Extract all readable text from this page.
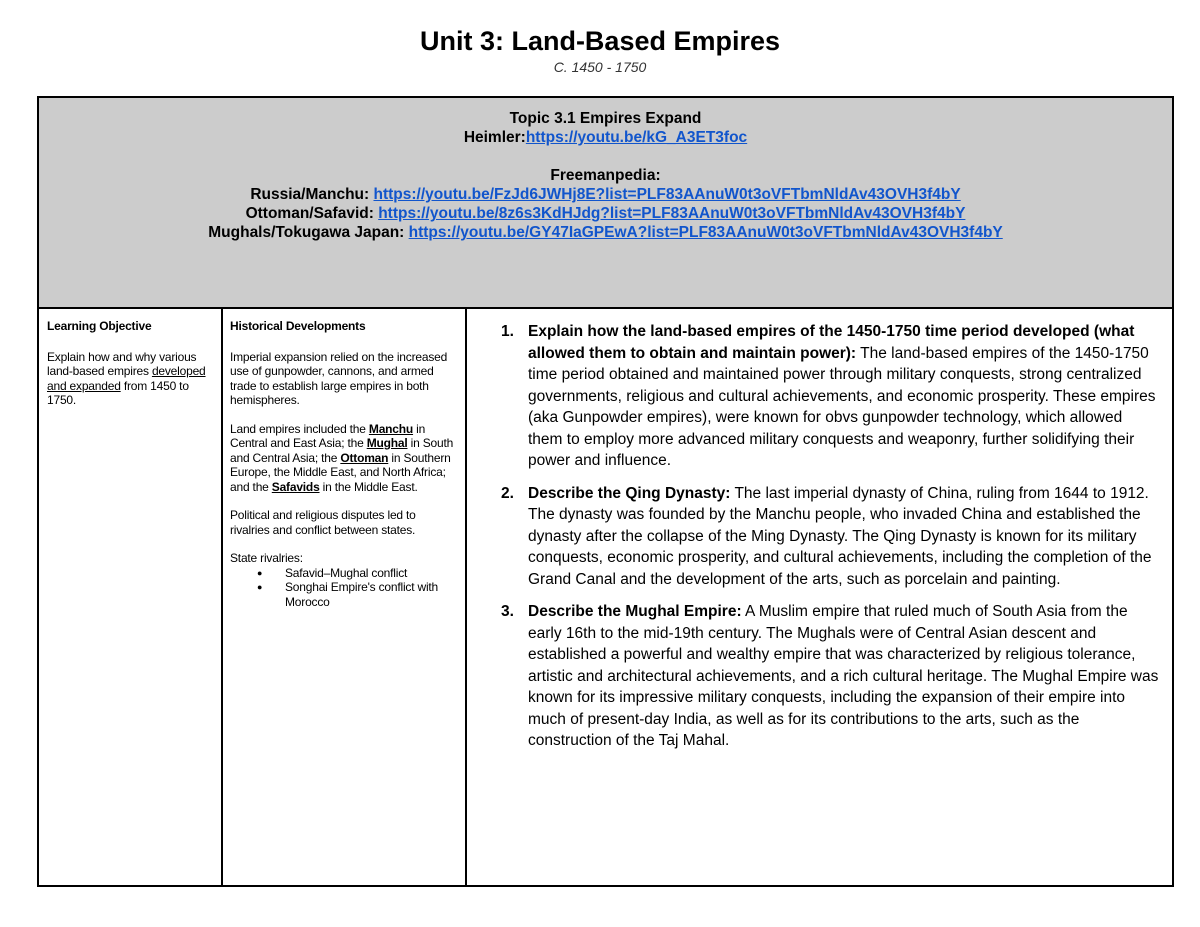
Unit 3: Land-Based Empires
C. 1450 - 1750
Topic 3.1 Empires Expand
Heimler:https://youtu.be/kG_A3ET3foc
Freemanpedia:
Russia/Manchu: https://youtu.be/FzJd6JWHj8E?list=PLF83AAnuW0t3oVFTbmNldAv43OVH3f4bY
Ottoman/Safavid: https://youtu.be/8z6s3KdHJdg?list=PLF83AAnuW0t3oVFTbmNldAv43OVH3f4bY
Mughals/Tokugawa Japan: https://youtu.be/GY47IaGPEwA?list=PLF83AAnuW0t3oVFTbmNldAv43OVH3f4bY
Learning Objective

Explain how and why various land-based empires developed and expanded from 1450 to 1750.

Historical Developments

Imperial expansion relied on the increased use of gunpowder, cannons, and armed trade to establish large empires in both hemispheres.

Land empires included the Manchu in Central and East Asia; the Mughal in South and Central Asia; the Ottoman in Southern Europe, the Middle East, and North Africa; and the Safavids in the Middle East.

Political and religious disputes led to rivalries and conflict between states.

State rivalries:
● Safavid–Mughal conflict
● Songhai Empire's conflict with Morocco
1. Explain how the land-based empires of the 1450-1750 time period developed (what allowed them to obtain and maintain power): The land-based empires of the 1450-1750 time period obtained and maintained power through military conquests, strong centralized governments, religious and cultural achievements, and economic prosperity. These empires (aka Gunpowder empires), were known for obvs gunpowder technology, which allowed them to employ more advanced military conquests and weaponry, further solidifying their power and influence.
2. Describe the Qing Dynasty: The last imperial dynasty of China, ruling from 1644 to 1912. The dynasty was founded by the Manchu people, who invaded China and established the dynasty after the collapse of the Ming Dynasty. The Qing Dynasty is known for its military conquests, economic prosperity, and cultural achievements, including the completion of the Grand Canal and the development of the arts, such as porcelain and painting.
3. Describe the Mughal Empire: A Muslim empire that ruled much of South Asia from the early 16th to the mid-19th century. The Mughals were of Central Asian descent and established a powerful and wealthy empire that was characterized by religious tolerance, artistic and architectural achievements, and a rich cultural heritage. The Mughal Empire was known for its impressive military conquests, including the expansion of their empire into much of present-day India, as well as for its contributions to the arts, such as the construction of the Taj Mahal.
